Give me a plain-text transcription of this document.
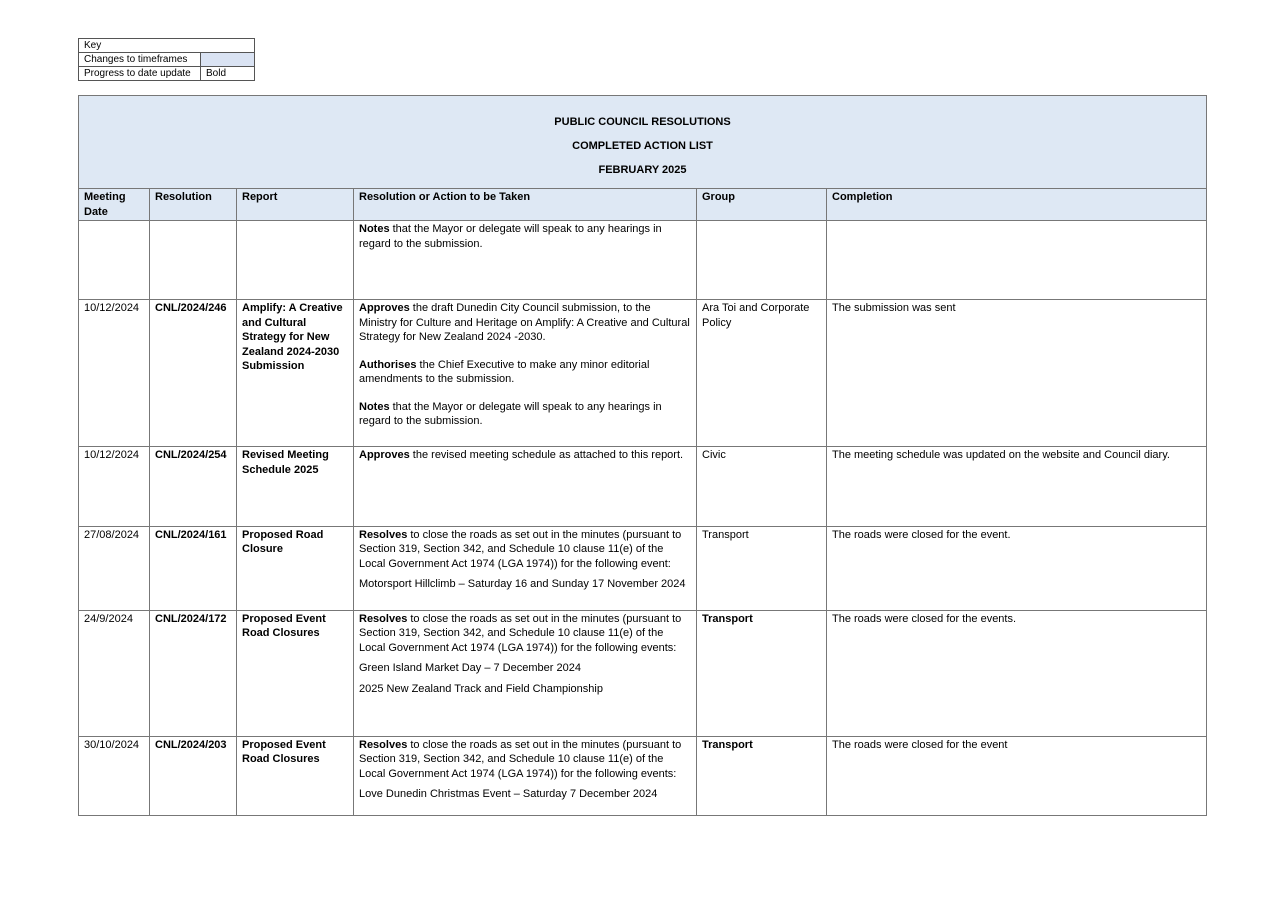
Key	
Changes to timeframes	
Progress to date update	Bold

PUBLIC COUNCIL RESOLUTIONS

COMPLETED ACTION LIST

FEBRUARY 2025					

Meeting Date	Resolution	Report	Resolution or Action to be Taken	Group	Completion

			Notes that the Mayor or delegate will speak to any hearings in regard to the submission.		

10/12/2024	CNL/2024/246	Amplify: A Creative and Cultural Strategy for New Zealand 2024-2030 Submission	Approves the draft Dunedin City Council submission, to the Ministry for Culture and Heritage on Amplify: A Creative and Cultural Strategy for New Zealand 2024 -2030.

Authorises the Chief Executive to make any minor editorial amendments to the submission.

Notes that the Mayor or delegate will speak to any hearings in regard to the submission.	Ara Toi and Corporate Policy	The submission was sent
10/12/2024	CNL/2024/254	Revised Meeting Schedule 2025	Approves the revised meeting schedule as attached to this report.	Civic	The meeting schedule was updated on the website and Council diary.
27/08/2024	CNL/2024/161	Proposed Road Closure	Resolves to close the roads as set out in the minutes (pursuant to Section 319, Section 342, and Schedule 10 clause 11(e) of the Local Government Act 1974 (LGA 1974)) for the following event:

Motorsport Hillclimb – Saturday 16 and Sunday 17 November 2024	Transport	The roads were closed for the event.
24/9/2024	CNL/2024/172	Proposed Event Road Closures	Resolves to close the roads as set out in the minutes (pursuant to Section 319, Section 342, and Schedule 10 clause 11(e) of the Local Government Act 1974 (LGA 1974)) for the following events:

Green Island Market Day – 7 December 2024

2025 New Zealand Track and Field Championship	Transport	The roads were closed for the events.
30/10/2024	CNL/2024/203	Proposed Event Road Closures	Resolves to close the roads as set out in the minutes (pursuant to Section 319, Section 342, and Schedule 10 clause 11(e) of the Local Government Act 1974 (LGA 1974)) for the following events:

Love Dunedin Christmas Event – Saturday 7 December 2024	Transport	The roads were closed for the event
